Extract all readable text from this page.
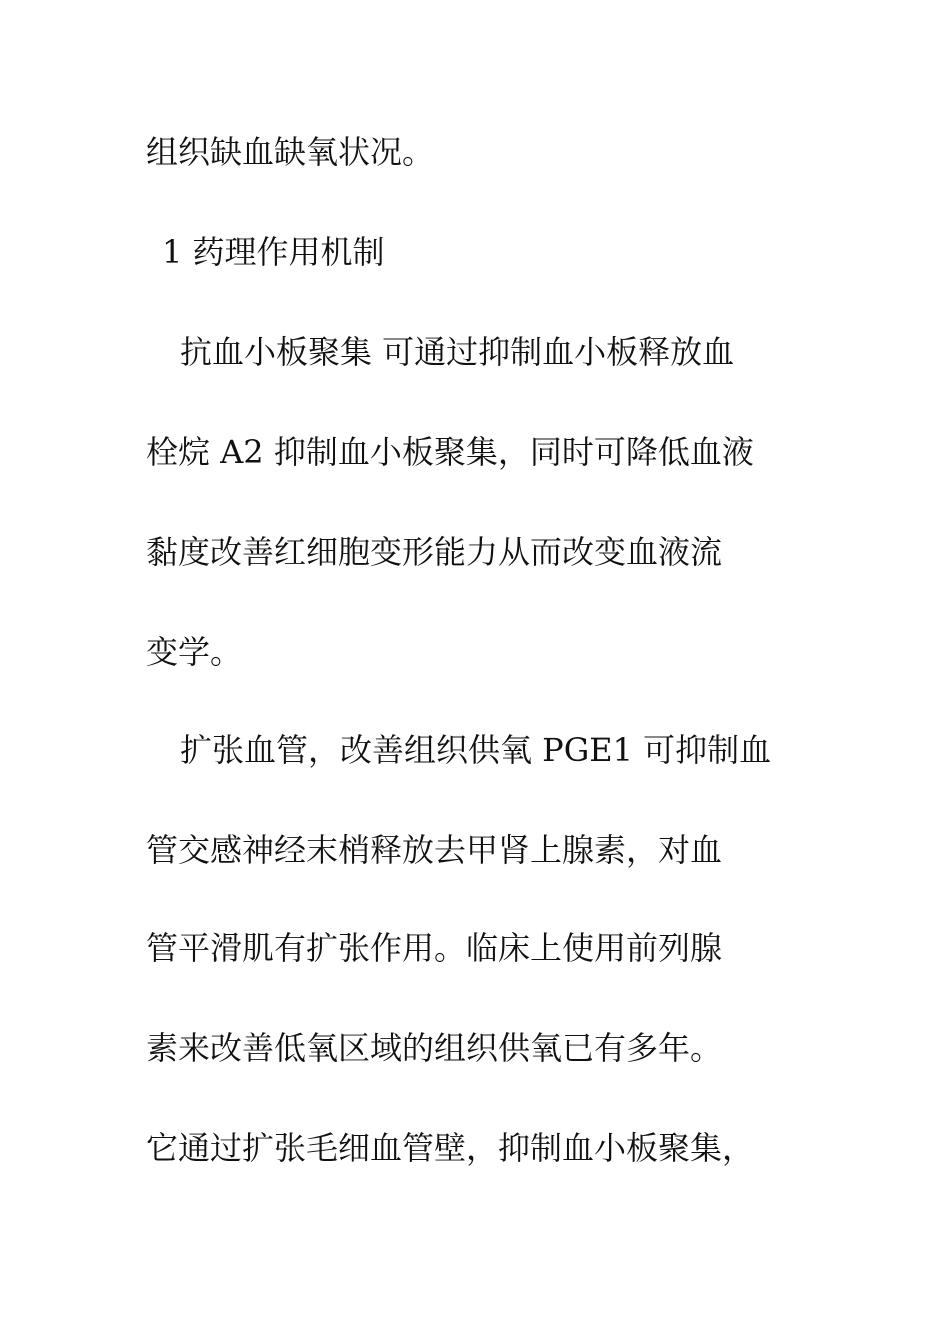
组织缺血缺氧状况。
1 药理作用机制
抗血小板聚集 可通过抑制血小板释放血
栓烷 A2 抑制血小板聚集，同时可降低血液
黏度改善红细胞变形能力从而改变血液流
变学。
扩张血管，改善组织供氧 PGE1 可抑制血
管交感神经末梢释放去甲肾上腺素，对血
管平滑肌有扩张作用。临床上使用前列腺
素来改善低氧区域的组织供氧已有多年。
它通过扩张毛细血管壁，抑制血小板聚集，
